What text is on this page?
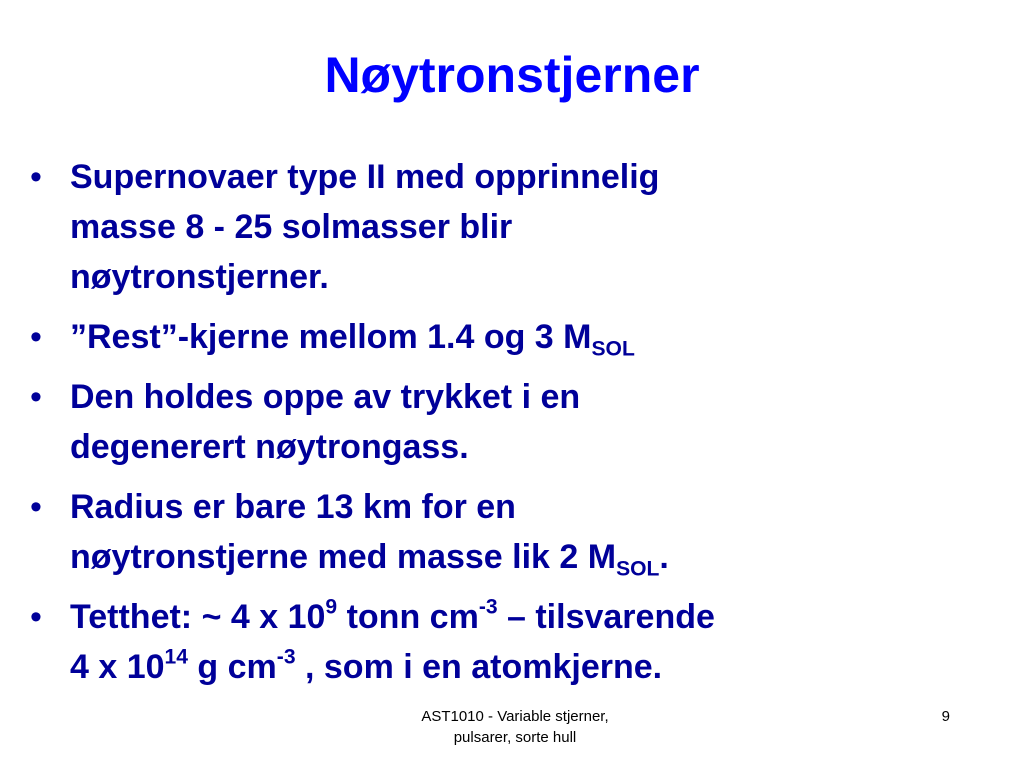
Nøytronstjerner
• Supernovaer type II med opprinnelig
masse 8 - 25 solmasser blir
nøytronstjerner.
• ”Rest”-kjerne mellom 1.4 og 3 $M_{SOL}$
• Den holdes oppe av trykket i en
degenerert nøytrongass.
• Radius er bare 13 km for en
nøytronstjerne med masse lik 2 $M_{SOL}$.
• Tetthet: ~ 4 x $10^9$ tonn $cm^{-3}$ – tilsvarende
4 x $10^{14}$ g $cm^{-3}$ , som i en atomkjerne.
AST1010 - Variable stjerner,
pulsarer, sorte hull
9
